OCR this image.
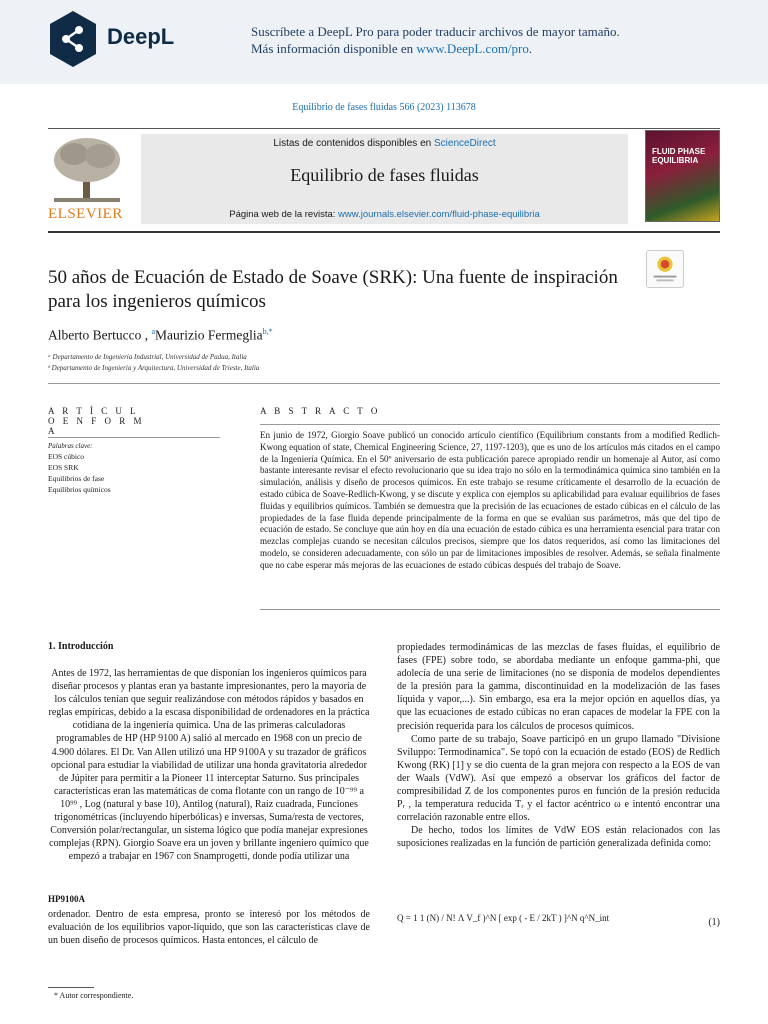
DeepL	Suscríbete a DeepL Pro para poder traducir archivos de mayor tamaño.
Más información disponible en www.DeepL.com/pro.
Equilibrio de fases fluidas 566 (2023) 113678
ELSEVIER
Listas de contenidos disponibles en ScienceDirect
Equilibrio de fases fluidas
Página web de la revista: www.journals.elsevier.com/fluid-phase-equilibria
FLUID PHASE EQUILIBRIA
50 años de Ecuación de Estado de Soave (SRK): Una fuente de inspiración para los ingenieros químicos
Alberto Bertucco , $^a$Maurizio Fermeglia$^{b,*}$
ᵃ Departamento de Ingeniería Industrial, Universidad de Padua, Italia
ᵇ Departamento de Ingeniería y Arquitectura, Universidad de Trieste, Italia
A R T Í C U L O E N F O R M A
Palabras clave:
EOS cúbico
EOS SRK
Equilibrios de fase
Equilibrios químicos
A B S T R A C T O
En junio de 1972, Giorgio Soave publicó un conocido artículo científico (Equilibrium constants from a modified Redlich- Kwong equation of state, Chemical Engineering Science, 27, 1197-1203), que es uno de los artículos más citados en el campo de la Ingeniería Química. En el 50º aniversario de esta publicación parece apropiado rendir un homenaje al Autor, así como bastante interesante revisar el efecto revolucionario que su idea trajo no sólo en la termodinámica química sino también en la simulación, análisis y diseño de procesos químicos. En este trabajo se resume críticamente el desarrollo de la ecuación de estado cúbica de Soave-Redlich-Kwong, y se discute y explica con ejemplos su aplicabilidad para evaluar equilibrios de fases fluidas y equilibrios químicos. También se demuestra que la precisión de las ecuaciones de estado cúbicas en el cálculo de las propiedades de la fase fluida depende principalmente de la forma en que se evalúan sus parámetros, más que del tipo de ecuación de estado. Se concluye que aún hoy en día una ecuación de estado cúbica es una herramienta esencial para tratar con mezclas complejas cuando se necesitan cálculos precisos, siempre que los datos requeridos, así como las limitaciones del modelo, se consideren adecuadamente, con sólo un par de limitaciones imposibles de resolver. Además, se señala finalmente que no cabe esperar más mejoras de las ecuaciones de estado cúbicas después del trabajo de Soave.
1. Introducción

Antes de 1972, las herramientas de que disponían los ingenieros químicos para diseñar procesos y plantas eran ya bastante impresionantes, pero la mayoría de los cálculos tenían que seguir realizándose con métodos rápidos y basados en reglas empíricas, debido a la escasa disponibilidad de ordenadores en la práctica cotidiana de la ingeniería química. Una de las primeras calculadoras programables de HP (HP 9100 A) salió al mercado en 1968 con un precio de 4.900 dólares. El Dr. Van Allen utilizó una HP 9100A y su trazador de gráficos opcional para estudiar la viabilidad de utilizar una honda gravitatoria alrededor de Júpiter para permitir a la Pioneer 11 interceptar Saturno. Sus principales características eran las matemáticas de coma flotante con un rango de 10⁻⁹⁹ a 10⁹⁹ , Log (natural y base 10), Antilog (natural), Raíz cuadrada, Funciones trigonométricas (incluyendo hiperbólicas) e inversas, Suma/resta de vectores, Conversión polar/rectangular, un sistema lógico que podía manejar expresiones complejas (RPN). Giorgio Soave era un joven y brillante ingeniero químico que empezó a trabajar en 1967 con Snamprogetti, donde podía utilizar una

HP9100A
ordenador. Dentro de esta empresa, pronto se interesó por los métodos de evaluación de los equilibrios vapor-líquido, que son las características clave de un buen diseño de procesos químicos. Hasta entonces, el cálculo de

propiedades termodinámicas de las mezclas de fases fluidas, el equilibrio de fases (FPE) sobre todo, se abordaba mediante un enfoque gamma-phi, que adolecía de una serie de limitaciones (no se disponía de modelos dependientes de la presión para la gamma, discontinuidad en la modelización de las fases líquida y vapor,...). Sin embargo, esa era la mejor opción en aquellos días, ya que las ecuaciones de estado cúbicas no eran capaces de modelar la FPE con la precisión requerida para los cálculos de procesos químicos.

Como parte de su trabajo, Soave participó en un grupo llamado "Divisione Sviluppo: Termodinamica". Se topó con la ecuación de estado (EOS) de Redlich Kwong (RK) [1] y se dio cuenta de la gran mejora con respecto a la EOS de van der Waals (VdW). Así que empezó a observar los gráficos del factor de compresibilidad Z de los componentes puros en función de la presión reducida Pᵣ , la temperatura reducida Tᵣ y el factor acéntrico ω e intentó encontrar una correlación razonable entre ellos.

De hecho, todos los límites de VdW EOS están relacionados con las suposiciones realizadas en la función de partición generalizada definida como:

Q = 1 1 (N) / N! Λ V_f )^N [ exp ( - E / 2kT ) ]^N q^N_int	(1)
* Autor correspondiente.
